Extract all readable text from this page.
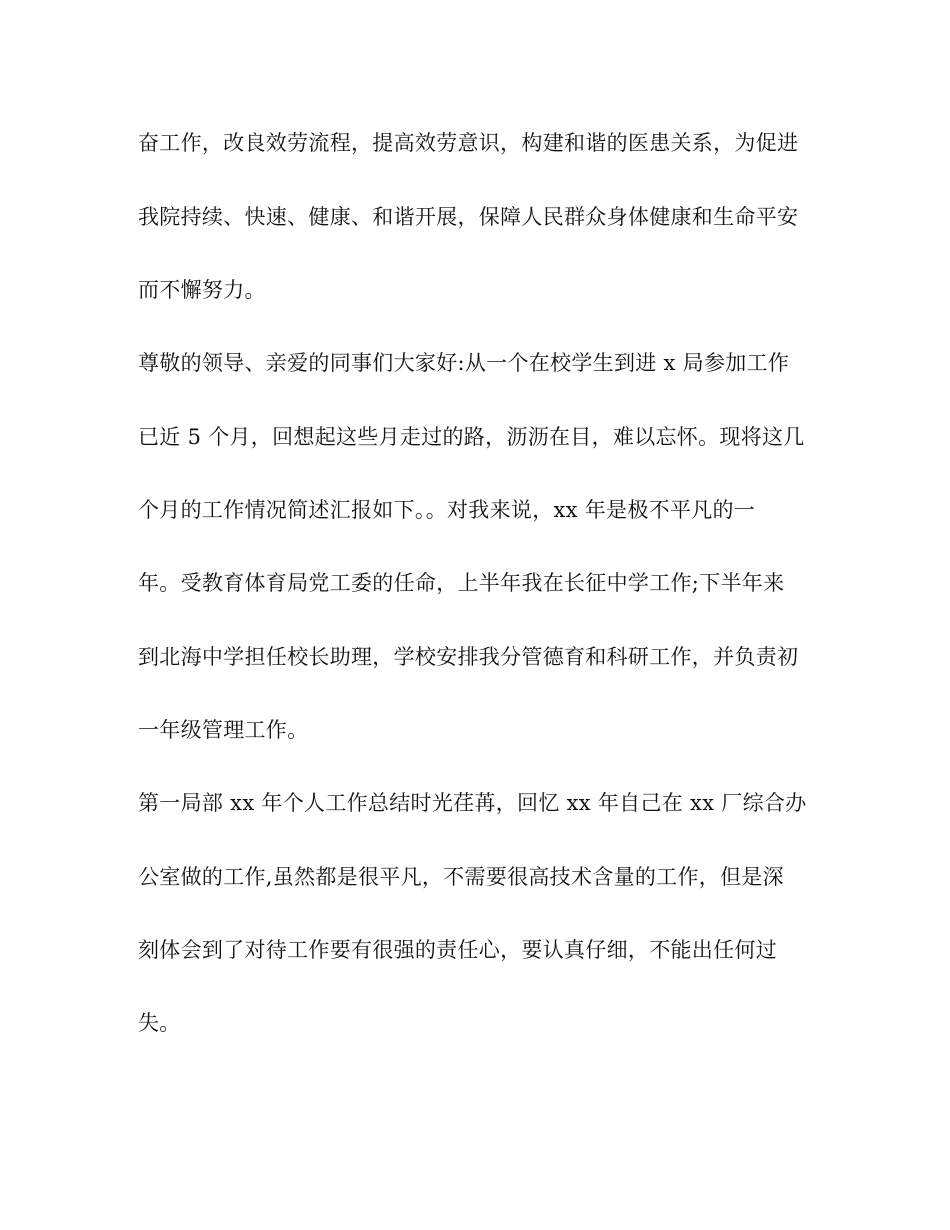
奋工作，改良效劳流程，提高效劳意识，构建和谐的医患关系，为促进
我院持续、快速、健康、和谐开展，保障人民群众身体健康和生命平安
而不懈努力。
尊敬的领导、亲爱的同事们大家好:从一个在校学生到进 x 局参加工作
已近 5 个月，回想起这些月走过的路，沥沥在目，难以忘怀。现将这几
个月的工作情况简述汇报如下。。对我来说，xx 年是极不平凡的一
年。受教育体育局党工委的任命，上半年我在长征中学工作;下半年来
到北海中学担任校长助理，学校安排我分管德育和科研工作，并负责初
一年级管理工作。
第一局部 xx 年个人工作总结时光荏苒，回忆 xx 年自己在 xx 厂综合办
公室做的工作,虽然都是很平凡，不需要很高技术含量的工作，但是深
刻体会到了对待工作要有很强的责任心，要认真仔细，不能出任何过
失。
